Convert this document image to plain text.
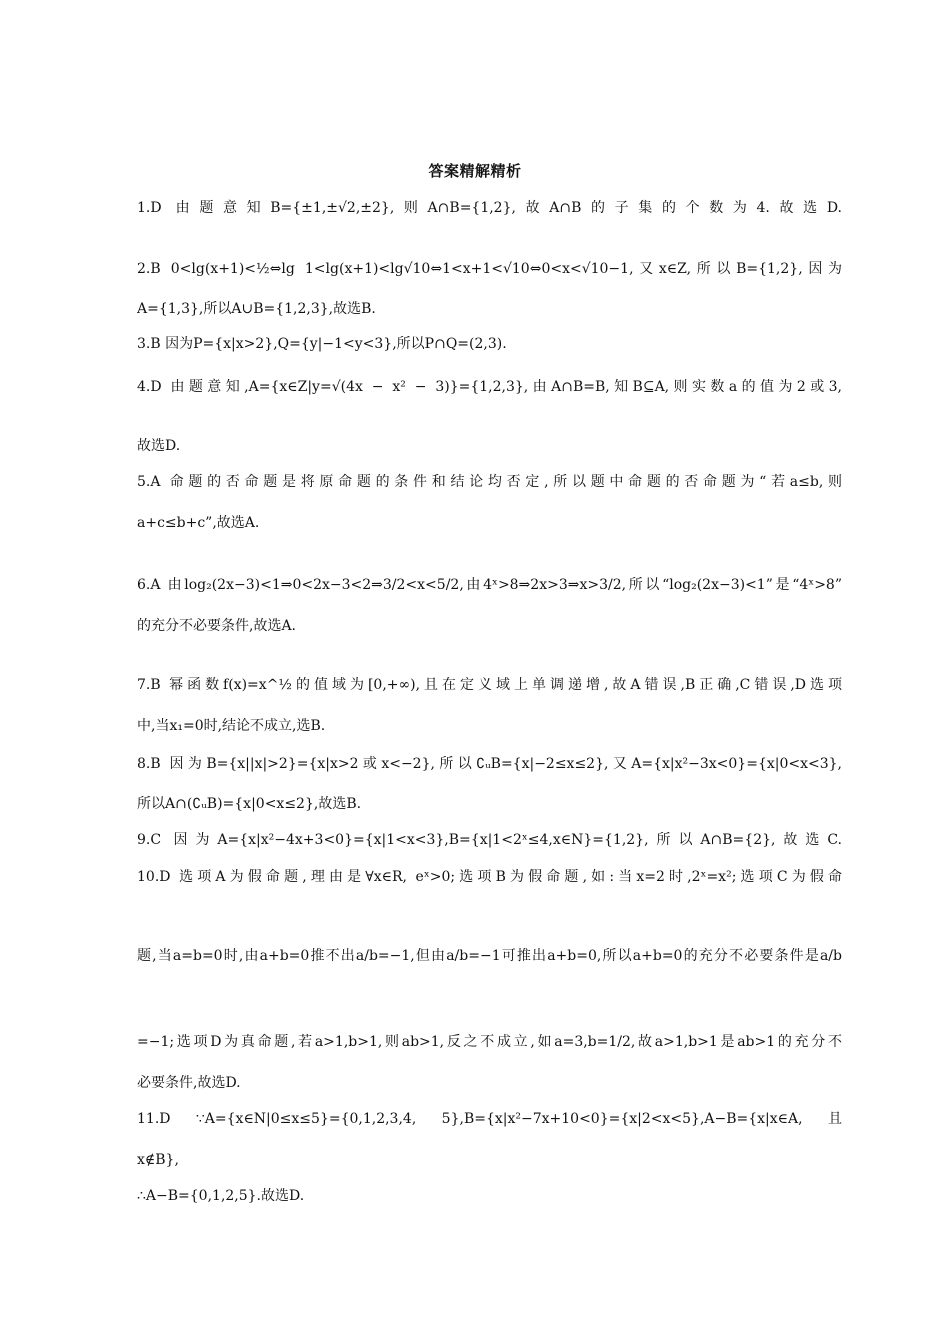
答案精解精析
1.D 由题意知B={±1,±√2,±2},则A∩B={1,2},故A∩B的子集的个数为4.故选D.
2.B 0<lg(x+1)<½⇔lg 1<lg(x+1)<lg√10⇔1<x+1<√10⇔0<x<√10−1,又x∈Z,所以B={1,2},因为
A={1,3},所以A∪B={1,2,3},故选B.
3.B 因为P={x|x>2},Q={y|−1<y<3},所以P∩Q=(2,3).
4.D 由题意知,A={x∈Z|y=√(4x − x² − 3)}={1,2,3},由A∩B=B,知B⊆A,则实数a的值为2或3,
故选D.
5.A 命题的否命题是将原命题的条件和结论均否定,所以题中命题的否命题为“若a≤b,则
a+c≤b+c”,故选A.
6.A 由log₂(2x−3)<1⇒0<2x−3<2⇒3/2<x<5/2,由4ˣ>8⇒2x>3⇒x>3/2,所以“log₂(2x−3)<1”是“4ˣ>8”
的充分不必要条件,故选A.
7.B 幂函数f(x)=x^½的值域为[0,+∞),且在定义域上单调递增,故A错误,B正确,C错误,D选项
中,当x₁=0时,结论不成立,选B.
8.B 因为B={x||x|>2}={x|x>2或x<−2},所以∁ᵤB={x|−2≤x≤2},又A={x|x²−3x<0}={x|0<x<3},
所以A∩(∁ᵤB)={x|0<x≤2},故选B.
9.C 因为A={x|x²−4x+3<0}={x|1<x<3},B={x|1<2ˣ≤4,x∈N}={1,2},所以A∩B={2},故选C.
10.D 选项A为假命题,理由是∀x∈R, eˣ>0;选项B为假命题,如:当x=2时,2ˣ=x²;选项C为假命
题,当a=b=0时,由a+b=0推不出a/b=−1,但由a/b=−1可推出a+b=0,所以a+b=0的充分不必要条件是a/b
=−1;选项D为真命题,若a>1,b>1,则ab>1,反之不成立,如a=3,b=1/2,故a>1,b>1是ab>1的充分不
必要条件,故选D.
11.D ∵A={x∈N|0≤x≤5}={0,1,2,3,4, 5},B={x|x²−7x+10<0}={x|2<x<5},A−B={x|x∈A, 且
x∉B},
∴A−B={0,1,2,5}.故选D.
